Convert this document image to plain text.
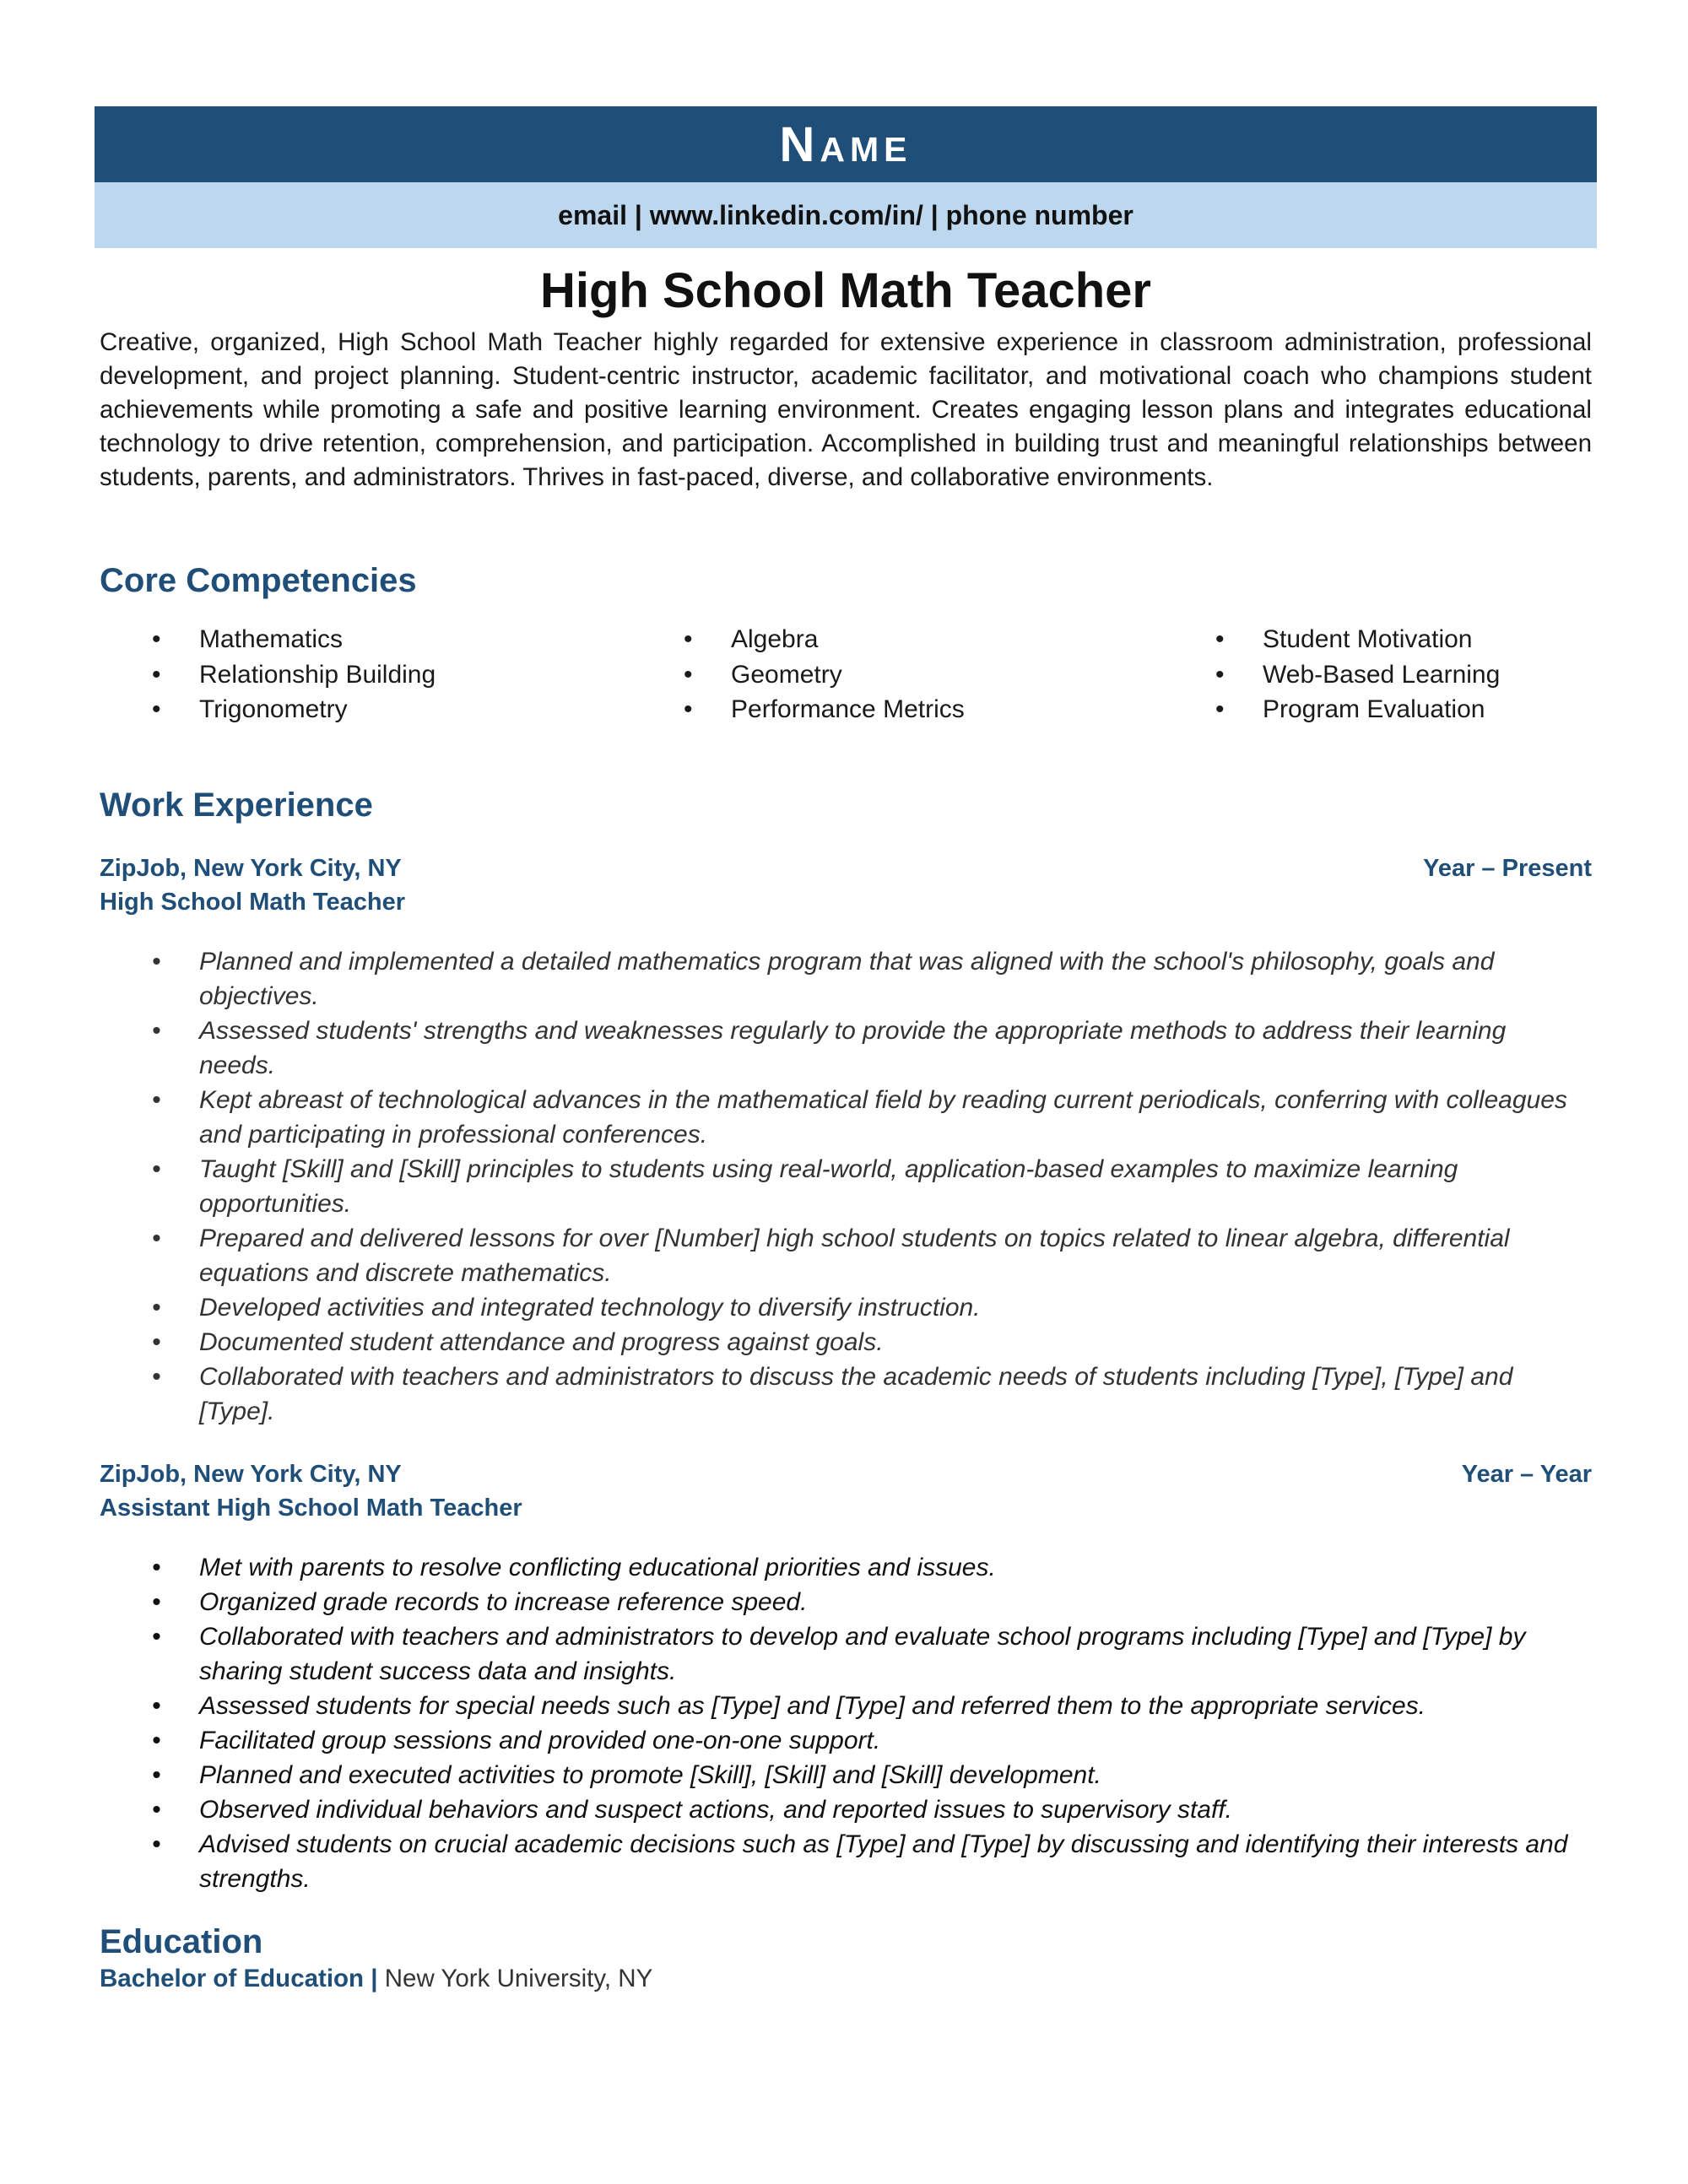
Name
email | www.linkedin.com/in/ | phone number
High School Math Teacher
Creative, organized, High School Math Teacher highly regarded for extensive experience in classroom administration, professional development, and project planning. Student-centric instructor, academic facilitator, and motivational coach who champions student achievements while promoting a safe and positive learning environment. Creates engaging lesson plans and integrates educational technology to drive retention, comprehension, and participation. Accomplished in building trust and meaningful relationships between students, parents, and administrators. Thrives in fast-paced, diverse, and collaborative environments.
Core Competencies
• Mathematics
• Relationship Building
• Trigonometry
• Algebra
• Geometry
• Performance Metrics
• Student Motivation
• Web-Based Learning
• Program Evaluation
Work Experience
ZipJob, New York City, NY	Year – Present
High School Math Teacher
• Planned and implemented a detailed mathematics program that was aligned with the school's philosophy, goals and objectives.
• Assessed students' strengths and weaknesses regularly to provide the appropriate methods to address their learning needs.
• Kept abreast of technological advances in the mathematical field by reading current periodicals, conferring with colleagues and participating in professional conferences.
• Taught [Skill] and [Skill] principles to students using real-world, application-based examples to maximize learning opportunities.
• Prepared and delivered lessons for over [Number] high school students on topics related to linear algebra, differential equations and discrete mathematics.
• Developed activities and integrated technology to diversify instruction.
• Documented student attendance and progress against goals.
• Collaborated with teachers and administrators to discuss the academic needs of students including [Type], [Type] and [Type].
ZipJob, New York City, NY	Year – Year
Assistant High School Math Teacher
• Met with parents to resolve conflicting educational priorities and issues.
• Organized grade records to increase reference speed.
• Collaborated with teachers and administrators to develop and evaluate school programs including [Type] and [Type] by sharing student success data and insights.
• Assessed students for special needs such as [Type] and [Type] and referred them to the appropriate services.
• Facilitated group sessions and provided one-on-one support.
• Planned and executed activities to promote [Skill], [Skill] and [Skill] development.
• Observed individual behaviors and suspect actions, and reported issues to supervisory staff.
• Advised students on crucial academic decisions such as [Type] and [Type] by discussing and identifying their interests and strengths.
Education
Bachelor of Education | New York University, NY
